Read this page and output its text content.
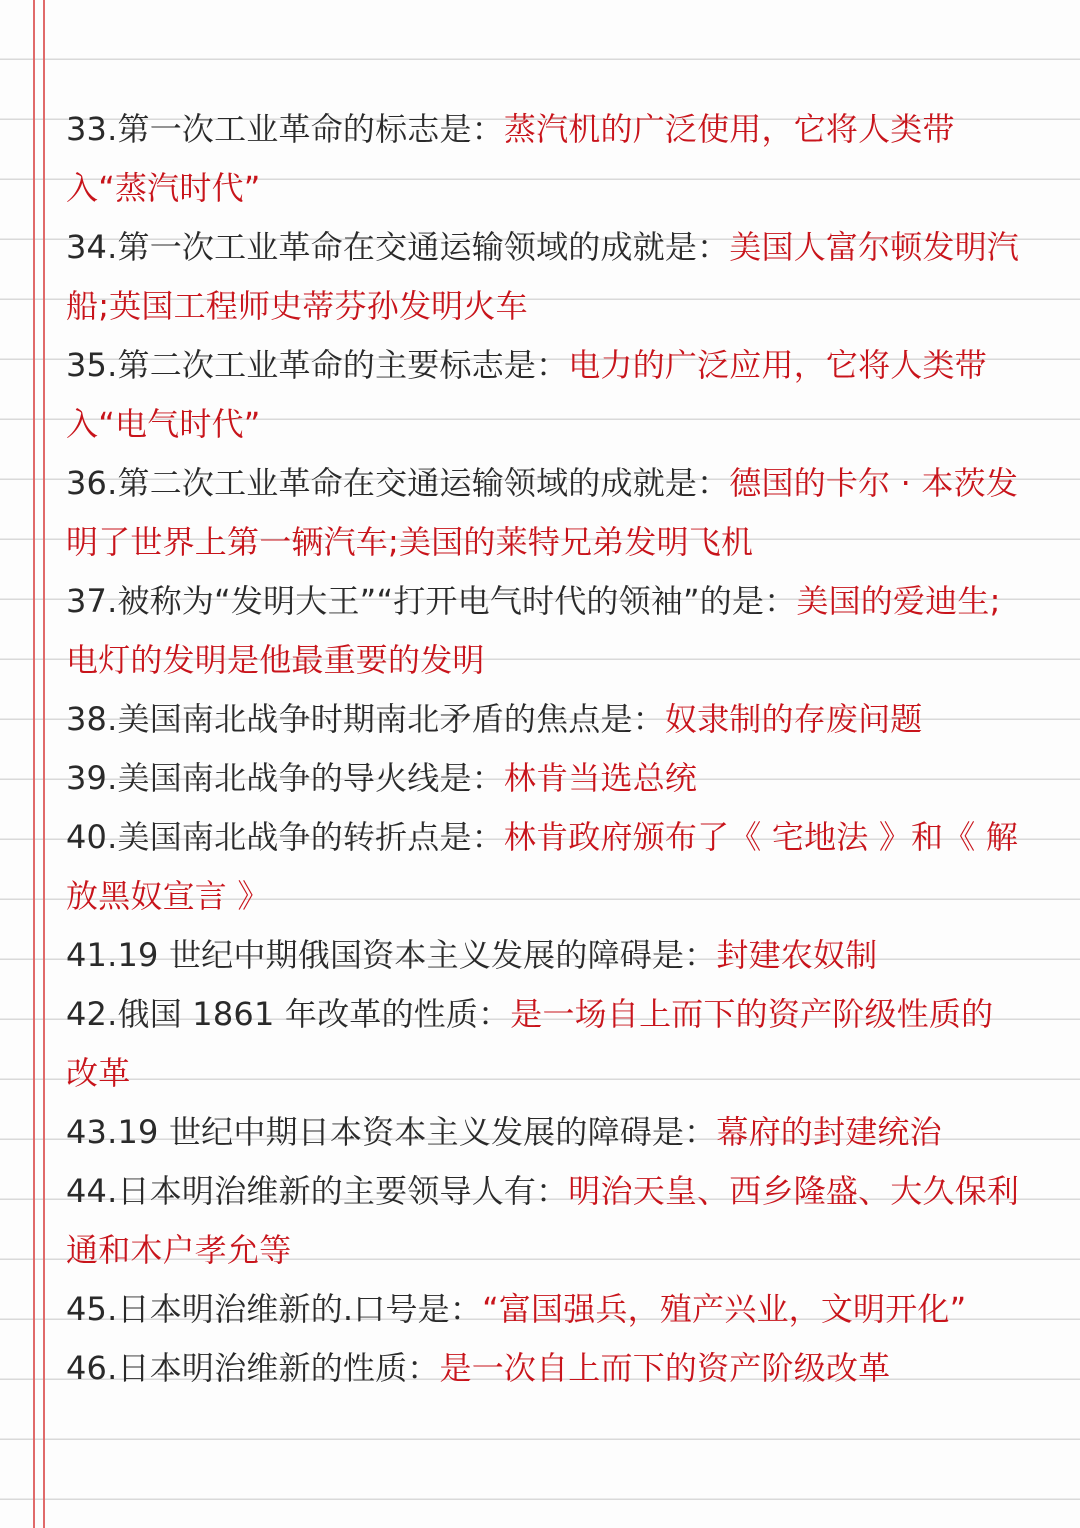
33.第一次工业革命的标志是：蒸汽机的广泛使用，它将人类带入“蒸汽时代”

34.第一次工业革命在交通运输领域的成就是：美国人富尔顿发明汽船;英国工程师史蒂芬孙发明火车

35.第二次工业革命的主要标志是：电力的广泛应用，它将人类带入“电气时代”

36.第二次工业革命在交通运输领域的成就是：德国的卡尔 · 本茨发明了世界上第一辆汽车;美国的莱特兄弟发明飞机

37.被称为“发明大王”“打开电气时代的领袖”的是：美国的爱迪生;电灯的发明是他最重要的发明

38.美国南北战争时期南北矛盾的焦点是：奴隶制的存废问题

39.美国南北战争的导火线是：林肯当选总统

40.美国南北战争的转折点是：林肯政府颁布了《 宅地法 》和《 解放黑奴宣言 》

41.19 世纪中期俄国资本主义发展的障碍是：封建农奴制

42.俄国 1861 年改革的性质：是一场自上而下的资产阶级性质的改革

43.19 世纪中期日本资本主义发展的障碍是：幕府的封建统治

44.日本明治维新的主要领导人有：明治天皇、西乡隆盛、大久保利通和木户孝允等

45.日本明治维新的.口号是：“富国强兵，殖产兴业，文明开化”

46.日本明治维新的性质：是一次自上而下的资产阶级改革
